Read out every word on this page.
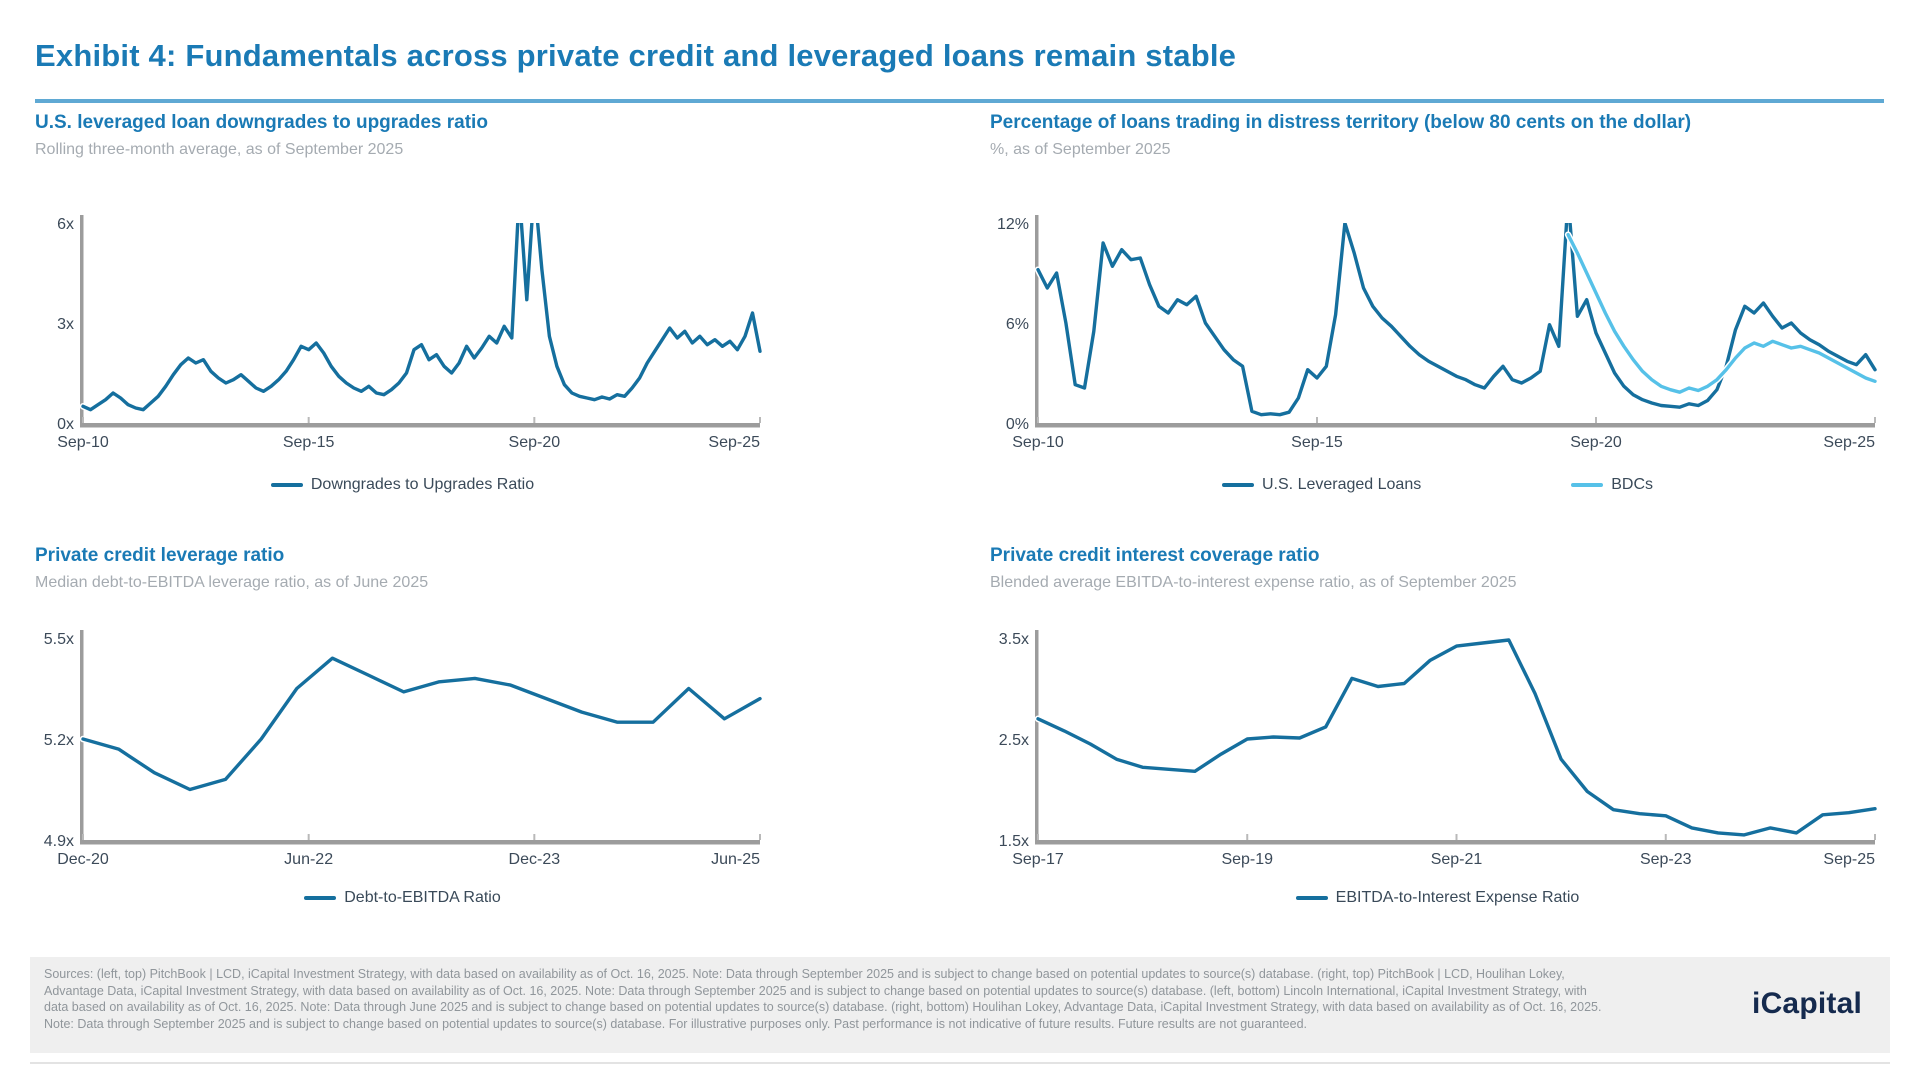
Exhibit 4: Fundamentals across private credit and leveraged loans remain stable
U.S. leveraged loan downgrades to upgrades ratio
Rolling three-month average, as of September 2025
0x
3x
6x
Sep-10	Sep-15	Sep-20	Sep-25
Downgrades to Upgrades Ratio
Percentage of loans trading in distress territory (below 80 cents on the dollar)
%, as of September 2025
0%
6%
12%
Sep-10	Sep-15	Sep-20	Sep-25
U.S. Leveraged Loans	BDCs
Private credit leverage ratio
Median debt-to-EBITDA leverage ratio, as of June 2025
4.9x
5.2x
5.5x
Dec-20	Jun-22	Dec-23	Jun-25
Debt-to-EBITDA Ratio
Private credit interest coverage ratio
Blended average EBITDA-to-interest expense ratio, as of September 2025
1.5x
2.5x
3.5x
Sep-17	Sep-19	Sep-21	Sep-23	Sep-25
EBITDA-to-Interest Expense Ratio
Sources: (left, top) PitchBook | LCD, iCapital Investment Strategy, with data based on availability as of Oct. 16, 2025. Note: Data through September 2025 and is subject to change based on potential updates to source(s) database. (right, top) PitchBook | LCD, Houlihan Lokey, Advantage Data, iCapital Investment Strategy, with data based on availability as of Oct. 16, 2025. Note: Data through September 2025 and is subject to change based on potential updates to source(s) database. (left, bottom) Lincoln International, iCapital Investment Strategy, with data based on availability as of Oct. 16, 2025. Note: Data through June 2025 and is subject to change based on potential updates to source(s) database. (right, bottom) Houlihan Lokey, Advantage Data, iCapital Investment Strategy, with data based on availability as of Oct. 16, 2025. Note: Data through September 2025 and is subject to change based on potential updates to source(s) database. For illustrative purposes only. Past performance is not indicative of future results. Future results are not guaranteed.
iCapital
